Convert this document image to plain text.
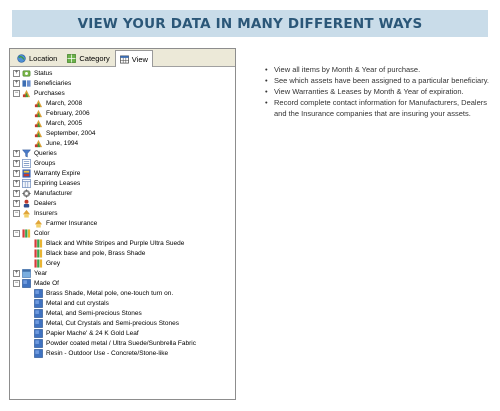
VIEW YOUR DATA IN MANY DIFFERENT WAYS
Location	Category	View
+ Status
+ Beneficiaries
− Purchases
March, 2008
February, 2006
March, 2005
September, 2004
June, 1994
+ Queries
+ Groups
+ Warranty Expire
+ Expiring Leases
+ Manufacturer
+ Dealers
− Insurers
Farmer Insurance
− Color
Black and White Stripes and Purple Ultra Suede
Black base and pole, Brass Shade
Grey
+ Year
− Made Of
Brass Shade, Metal pole, one-touch turn on.
Metal and cut crystals
Metal, and Semi-precious Stones
Metal, Cut Crystals and Semi-precious Stones
Papier Mache' & 24 K Gold Leaf
Powder coated metal / Ultra Suede/Sunbrella Fabric
Resin - Outdoor Use - Concrete/Stone-like
• View all items by Month & Year of purchase.
• See which assets have been assigned to a particular beneficiary.
• View Warranties & Leases by Month & Year of expiration.
• Record complete contact information for Manufacturers, Dealers and the Insurance companies that are insuring your assets.
